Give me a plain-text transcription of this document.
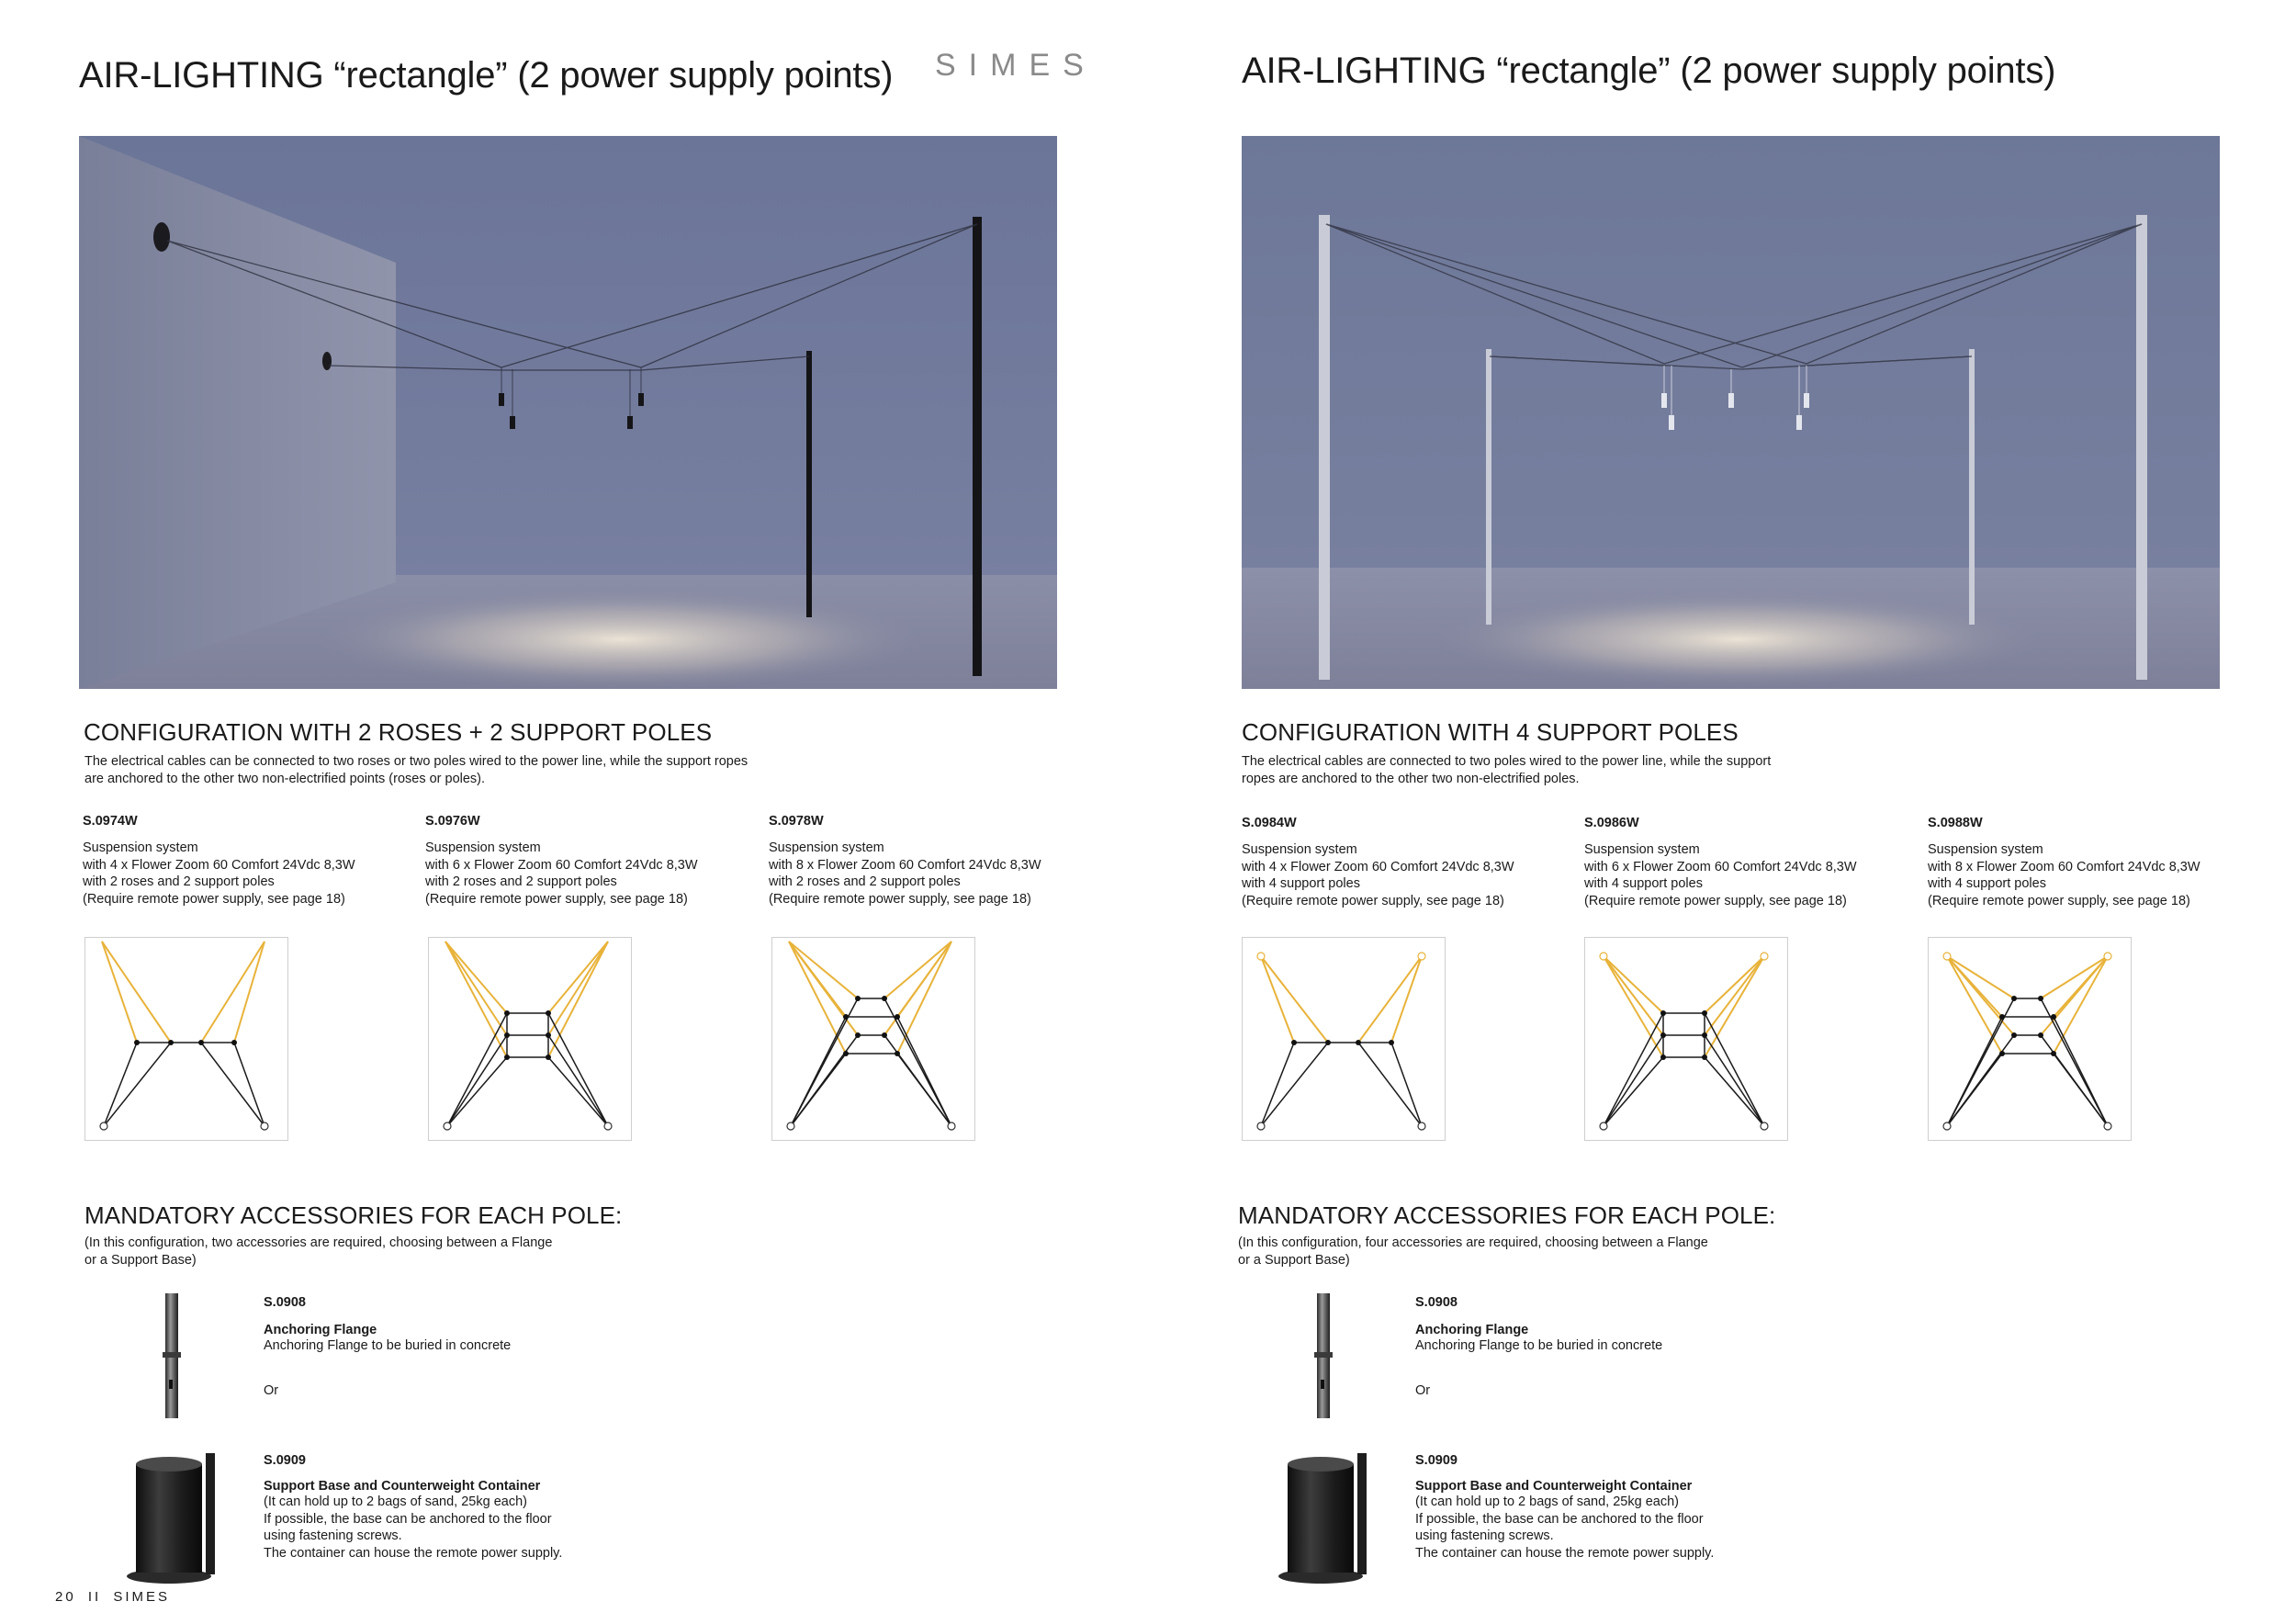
SIMES
AIR-LIGHTING “rectangle” (2 power supply points)
CONFIGURATION WITH 2 ROSES + 2 SUPPORT POLES
The electrical cables can be connected to two roses or two poles wired to the power line, while the support ropes
are anchored to the other two non-electrified points (roses or poles).
S.0974W
Suspension system
with 4 x Flower Zoom 60 Comfort 24Vdc 8,3W
with 2 roses and 2 support poles
(Require remote power supply, see page 18)
S.0976W
Suspension system
with 6 x Flower Zoom 60 Comfort 24Vdc 8,3W
with 2 roses and 2 support poles
(Require remote power supply, see page 18)
S.0978W
Suspension system
with 8 x Flower Zoom 60 Comfort 24Vdc 8,3W
with 2 roses and 2 support poles
(Require remote power supply, see page 18)
MANDATORY ACCESSORIES FOR EACH POLE:
(In this configuration, two accessories are required, choosing between a Flange
or a Support Base)
S.0908
Anchoring Flange
Anchoring Flange to be buried in concrete
Or
S.0909
Support Base and Counterweight Container
(It can hold up to 2 bags of sand, 25kg each)
If possible, the base can be anchored to the floor
using fastening screws.
The container can house the remote power supply.
20 II SIMES
AIR-LIGHTING “rectangle” (2 power supply points)
CONFIGURATION WITH 4 SUPPORT POLES
The electrical cables are connected to two poles wired to the power line, while the support
ropes are anchored to the other two non-electrified poles.
S.0984W
Suspension system
with 4 x Flower Zoom 60 Comfort 24Vdc 8,3W
with 4 support poles
(Require remote power supply, see page 18)
S.0986W
Suspension system
with 6 x Flower Zoom 60 Comfort 24Vdc 8,3W
with 4 support poles
(Require remote power supply, see page 18)
S.0988W
Suspension system
with 8 x Flower Zoom 60 Comfort 24Vdc 8,3W
with 4 support poles
(Require remote power supply, see page 18)
MANDATORY ACCESSORIES FOR EACH POLE:
(In this configuration, four accessories are required, choosing between a Flange
or a Support Base)
S.0908
Anchoring Flange
Anchoring Flange to be buried in concrete
Or
S.0909
Support Base and Counterweight Container
(It can hold up to 2 bags of sand, 25kg each)
If possible, the base can be anchored to the floor
using fastening screws.
The container can house the remote power supply.
